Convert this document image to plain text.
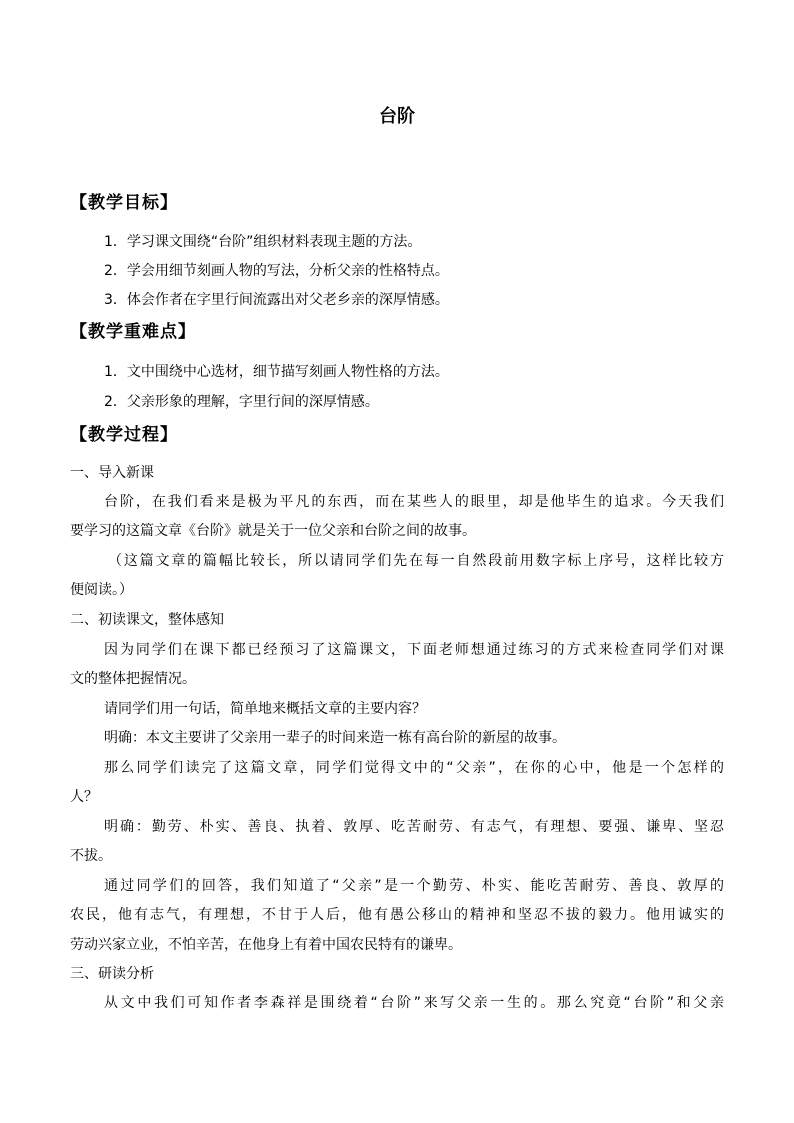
台阶
【教学目标】
1．学习课文围绕“台阶”组织材料表现主题的方法。
2．学会用细节刻画人物的写法，分析父亲的性格特点。
3．体会作者在字里行间流露出对父老乡亲的深厚情感。
【教学重难点】
1．文中围绕中心选材，细节描写刻画人物性格的方法。
2．父亲形象的理解，字里行间的深厚情感。
【教学过程】
一、导入新课
台阶，在我们看来是极为平凡的东西，而在某些人的眼里，却是他毕生的追求。今天我们
要学习的这篇文章《台阶》就是关于一位父亲和台阶之间的故事。
（这篇文章的篇幅比较长，所以请同学们先在每一自然段前用数字标上序号，这样比较方
便阅读。）
二、初读课文，整体感知
因为同学们在课下都已经预习了这篇课文，下面老师想通过练习的方式来检查同学们对课
文的整体把握情况。
请同学们用一句话，简单地来概括文章的主要内容？
明确：本文主要讲了父亲用一辈子的时间来造一栋有高台阶的新屋的故事。
那么同学们读完了这篇文章，同学们觉得文中的“父亲”，在你的心中，他是一个怎样的
人？
明确：勤劳、朴实、善良、执着、敦厚、吃苦耐劳、有志气，有理想、要强、谦卑、坚忍
不拔。
通过同学们的回答，我们知道了“父亲”是一个勤劳、朴实、能吃苦耐劳、善良、敦厚的
农民，他有志气，有理想，不甘于人后，他有愚公移山的精神和坚忍不拔的毅力。他用诚实的
劳动兴家立业，不怕辛苦，在他身上有着中国农民特有的谦卑。
三、研读分析
从文中我们可知作者李森祥是围绕着“台阶”来写父亲一生的。那么究竟“台阶”和父亲
